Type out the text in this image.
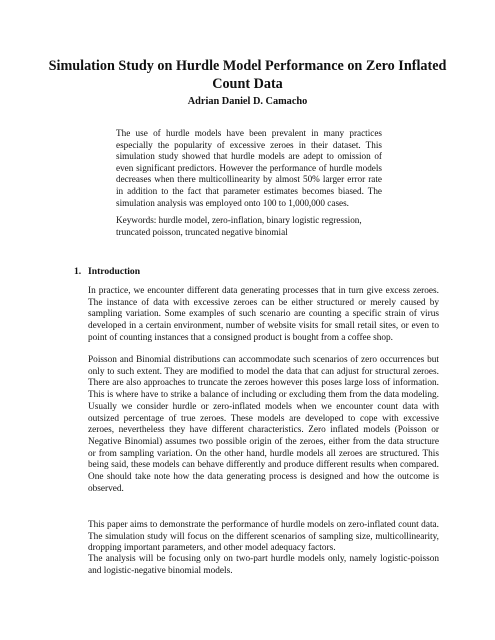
Simulation Study on Hurdle Model Performance on Zero Inflated Count Data
Adrian Daniel D. Camacho

The use of hurdle models have been prevalent in many practices especially the popularity of excessive zeroes in their dataset. This simulation study showed that hurdle models are adept to omission of even significant predictors. However the performance of hurdle models decreases when there multicollinearity by almost 50% larger error rate in addition to the fact that parameter estimates becomes biased. The simulation analysis was employed onto 100 to 1,000,000 cases.

Keywords: hurdle model, zero-inflation, binary logistic regression, truncated poisson, truncated negative binomial

1. Introduction

In practice, we encounter different data generating processes that in turn give excess zeroes. The instance of data with excessive zeroes can be either structured or merely caused by sampling variation. Some examples of such scenario are counting a specific strain of virus developed in a certain environment, number of website visits for small retail sites, or even to point of counting instances that a consigned product is bought from a coffee shop.

Poisson and Binomial distributions can accommodate such scenarios of zero occurrences but only to such extent. They are modified to model the data that can adjust for structural zeroes. There are also approaches to truncate the zeroes however this poses large loss of information. This is where have to strike a balance of including or excluding them from the data modeling. Usually we consider hurdle or zero-inflated models when we encounter count data with outsized percentage of true zeroes. These models are developed to cope with excessive zeroes, nevertheless they have different characteristics. Zero inflated models (Poisson or Negative Binomial) assumes two possible origin of the zeroes, either from the data structure or from sampling variation. On the other hand, hurdle models all zeroes are structured. This being said, these models can behave differently and produce different results when compared. One should take note how the data generating process is designed and how the outcome is observed.

This paper aims to demonstrate the performance of hurdle models on zero-inflated count data. The simulation study will focus on the different scenarios of sampling size, multicollinearity, dropping important parameters, and other model adequacy factors.

The analysis will be focusing only on two-part hurdle models only, namely logistic-poisson and logistic-negative binomial models.
